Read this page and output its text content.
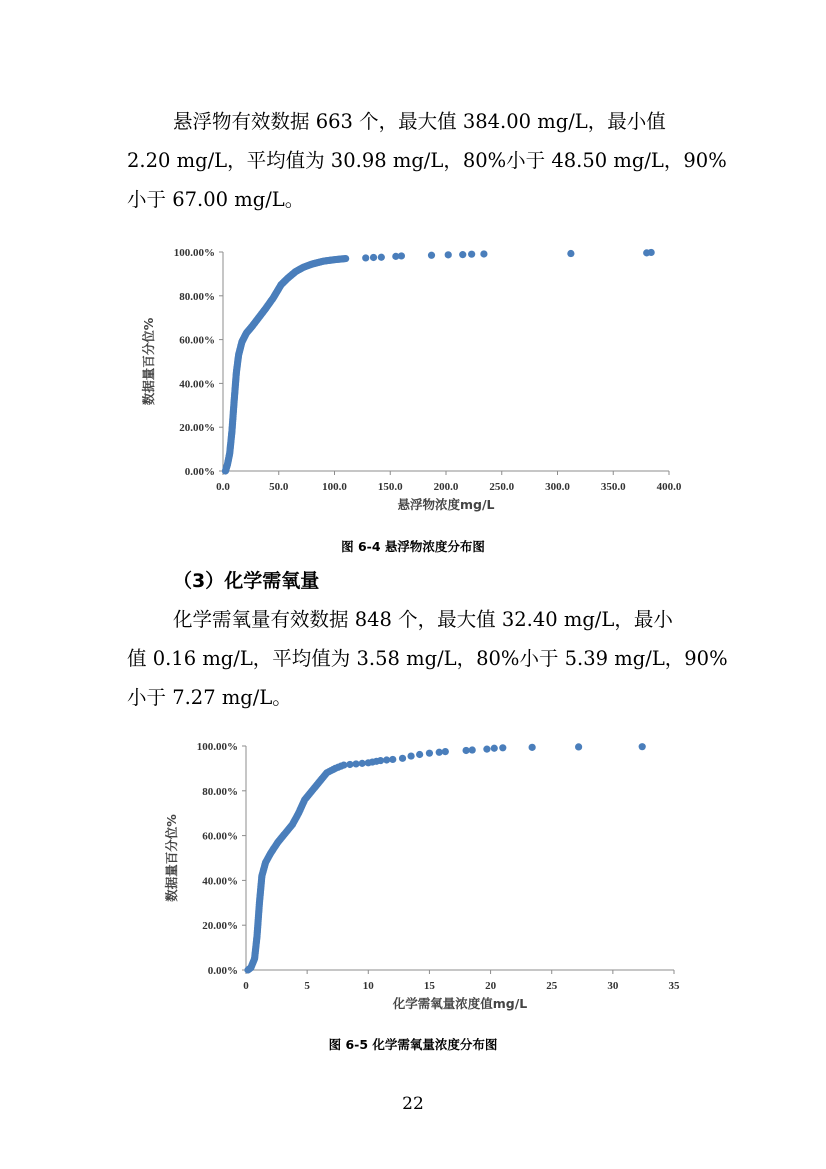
悬浮物有效数据 663 个，最大值 384.00 mg/L，最小值
2.20 mg/L，平均值为 30.98 mg/L，80%小于 48.50 mg/L，90%
小于 67.00 mg/L。
0.00%
20.00%
40.00%
60.00%
80.00%
100.00%
0.0	50.0	100.0	150.0	200.0	250.0	300.0	350.0	400.0
悬浮物浓度mg/L
数据量百分位%
图 6-4 悬浮物浓度分布图
（3）化学需氧量
化学需氧量有效数据 848 个，最大值 32.40 mg/L，最小
值 0.16 mg/L，平均值为 3.58 mg/L，80%小于 5.39 mg/L，90%
小于 7.27 mg/L。
0.00%
20.00%
40.00%
60.00%
80.00%
100.00%
0	5	10	15	20	25	30	35
化学需氧量浓度值mg/L
数据量百分位%
图 6-5 化学需氧量浓度分布图
22
